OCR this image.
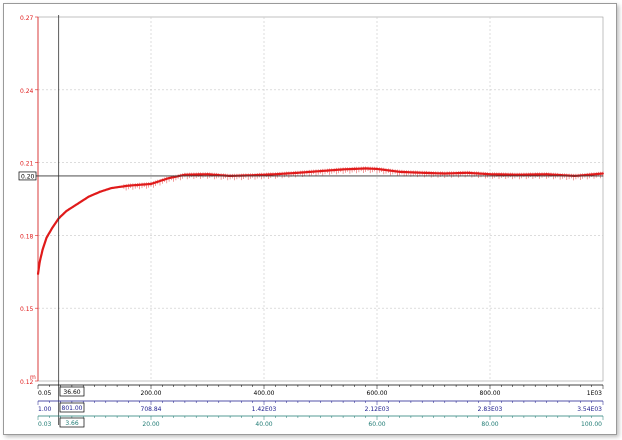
0.27
0.24
0.21
0.18
0.15
0.12
m
0.20
0.05	200.00	400.00	600.00	800.00	1E03
36.60
1.00	708.84	1.42E03	2.12E03	2.83E03	3.54E03
801.00
0.03	20.00	40.00	60.00	80.00	100.00
3.66
